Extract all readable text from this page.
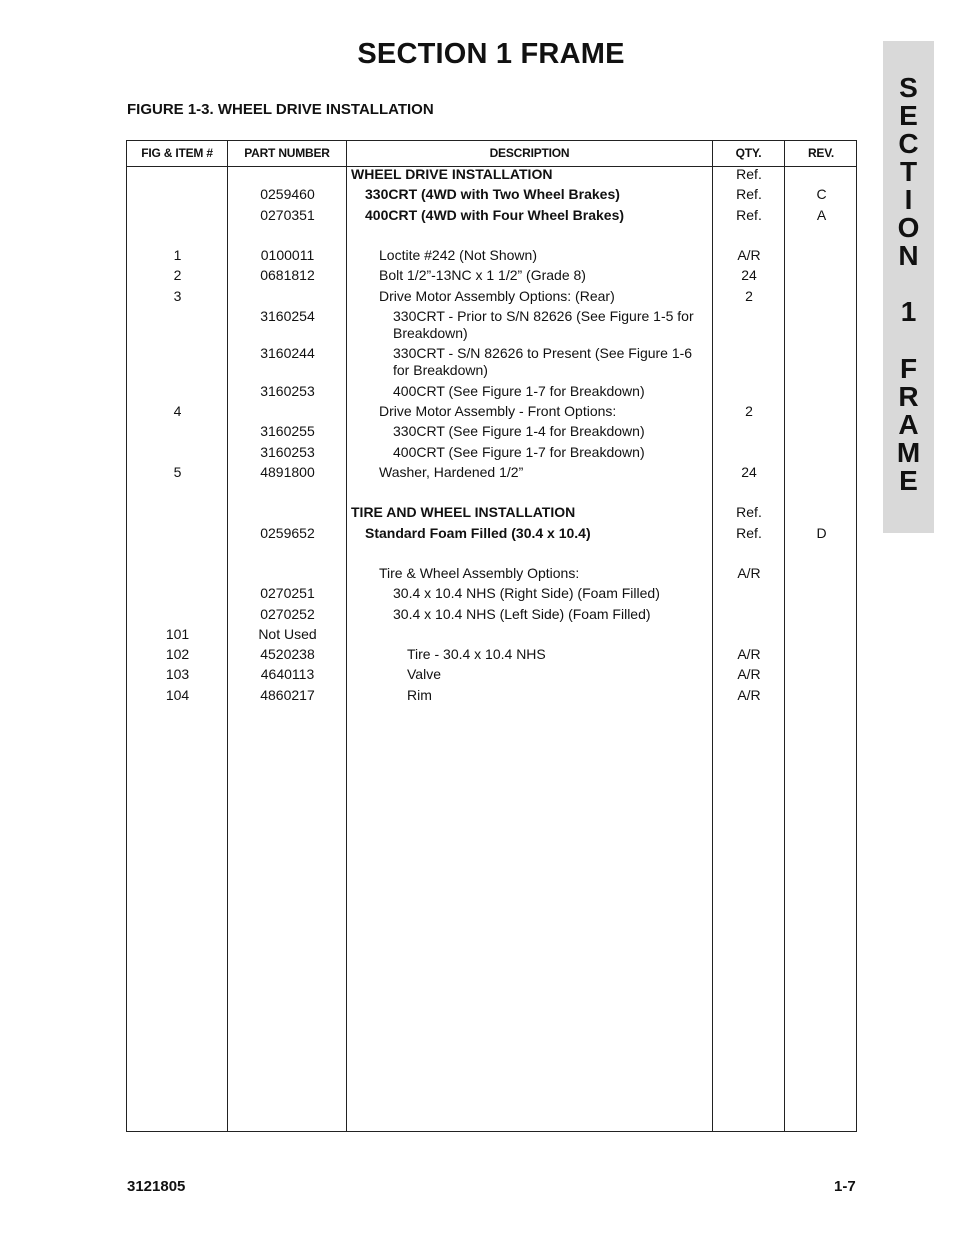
SECTION 1 FRAME
FIGURE 1-3. WHEEL DRIVE INSTALLATION
S
E
C
T
I
O
N
1
F
R
A
M
E
FIG & ITEM #	PART NUMBER	DESCRIPTION	QTY.	REV.
WHEEL DRIVE INSTALLATION	Ref.
0259460	330CRT (4WD with Two Wheel Brakes)	Ref.	C
0270351	400CRT (4WD with Four Wheel Brakes)	Ref.	A
1	0100011	Loctite #242 (Not Shown)	A/R
2	0681812	Bolt 1/2”-13NC x 1 1/2” (Grade 8)	24
3	Drive Motor Assembly Options: (Rear)	2
3160254	330CRT - Prior to S/N 82626 (See Figure 1-5 for Breakdown)
3160244	330CRT - S/N 82626 to Present (See Figure 1-6 for Breakdown)
3160253	400CRT (See Figure 1-7 for Breakdown)
4	Drive Motor Assembly - Front Options:	2
3160255	330CRT (See Figure 1-4 for Breakdown)
3160253	400CRT (See Figure 1-7 for Breakdown)
5	4891800	Washer, Hardened 1/2”	24
TIRE AND WHEEL INSTALLATION	Ref.
0259652	Standard Foam Filled (30.4 x 10.4)	Ref.	D
Tire & Wheel Assembly Options:	A/R
0270251	30.4 x 10.4 NHS (Right Side) (Foam Filled)
0270252	30.4 x 10.4 NHS (Left Side) (Foam Filled)
101	Not Used
102	4520238	Tire - 30.4 x 10.4 NHS	A/R
103	4640113	Valve	A/R
104	4860217	Rim	A/R
3121805	1-7
